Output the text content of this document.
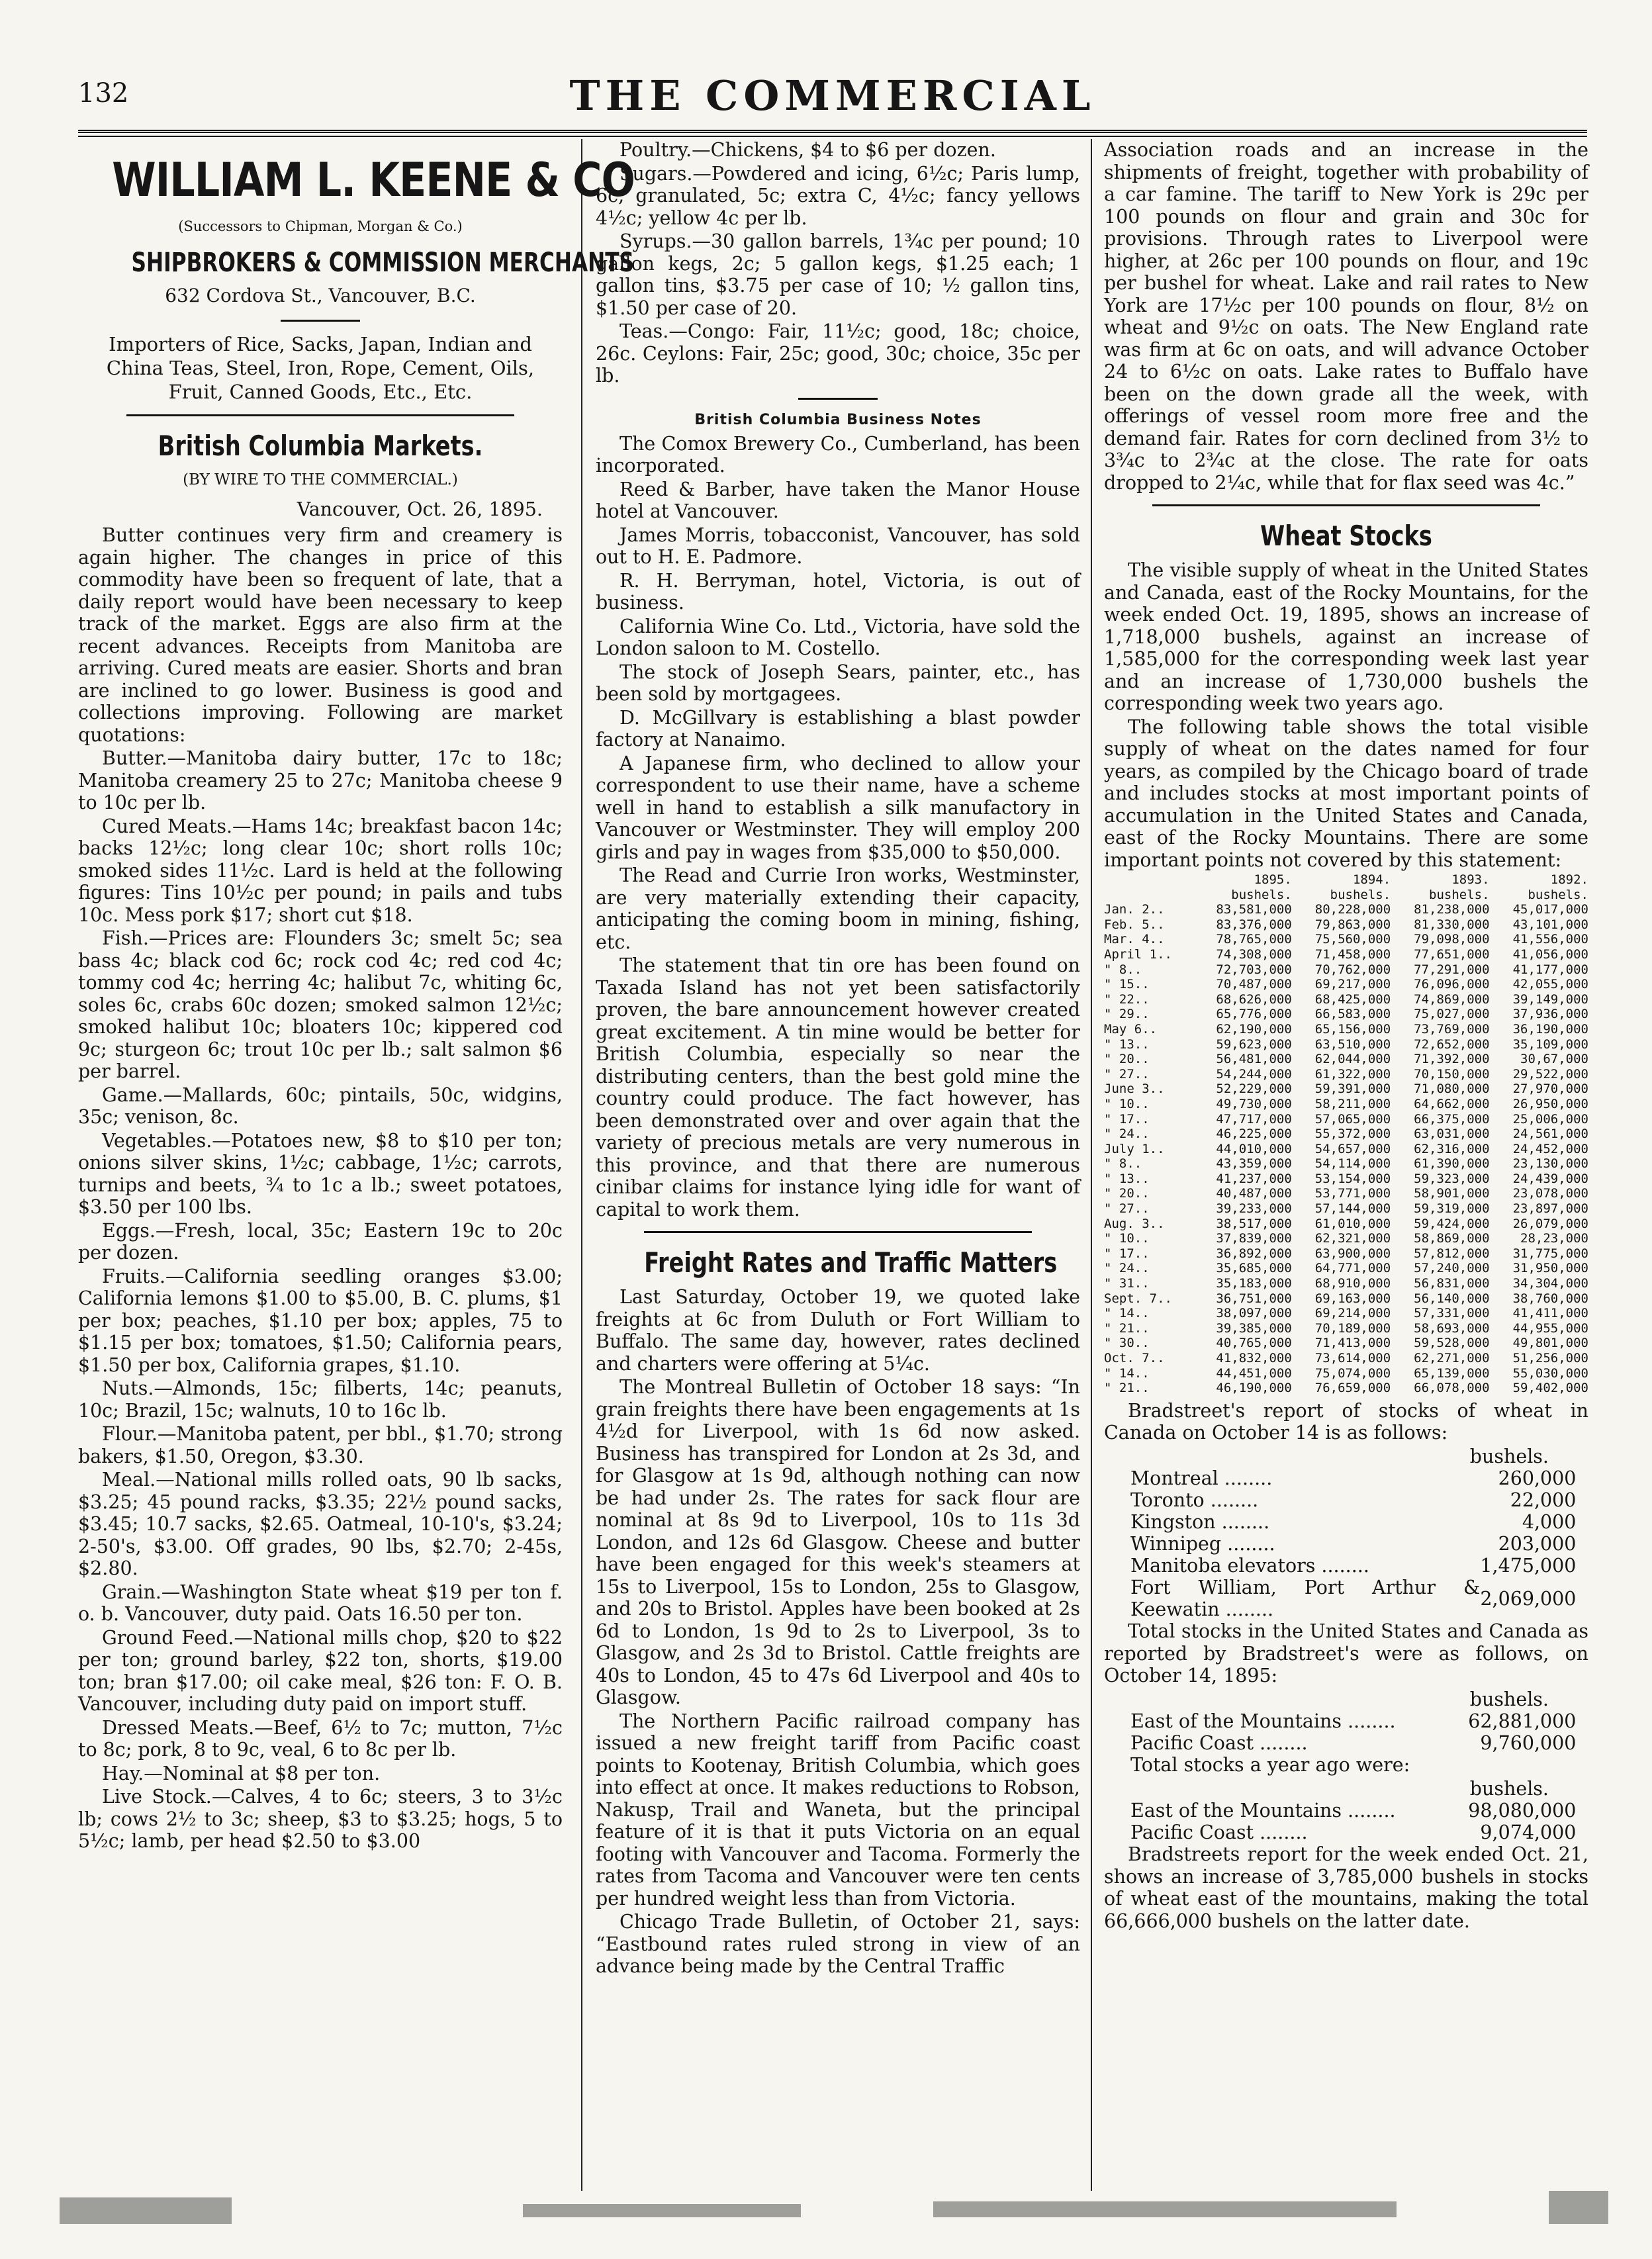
132	THE COMMERCIAL
WILLIAM L. KEENE & CO
(Successors to Chipman, Morgan & Co.)
SHIPBROKERS & COMMISSION MERCHANTS
632 Cordova St., Vancouver, B.C.
Importers of Rice, Sacks, Japan, Indian and China Teas, Steel, Iron, Rope, Cement, Oils, Fruit, Canned Goods, Etc., Etc.
British Columbia Markets.
(BY WIRE TO THE COMMERCIAL.)
Vancouver, Oct. 26, 1895.

Butter continues very firm and creamery is again higher. The changes in price of this commodity have been so frequent of late, that a daily report would have been necessary to keep track of the market. Eggs are also firm at the recent advances. Receipts from Manitoba are arriving. Cured meats are easier. Shorts and bran are inclined to go lower. Business is good and collections improving. Following are market quotations:

Butter.—Manitoba dairy butter, 17c to 18c; Manitoba creamery 25 to 27c; Manitoba cheese 9 to 10c per lb.

Cured Meats.—Hams 14c; breakfast bacon 14c; backs 12½c; long clear 10c; short rolls 10c; smoked sides 11½c. Lard is held at the following figures: Tins 10½c per pound; in pails and tubs 10c. Mess pork $17; short cut $18.

Fish.—Prices are: Flounders 3c; smelt 5c; sea bass 4c; black cod 6c; rock cod 4c; red cod 4c; tommy cod 4c; herring 4c; halibut 7c, whiting 6c, soles 6c, crabs 60c dozen; smoked salmon 12½c; smoked halibut 10c; bloaters 10c; kippered cod 9c; sturgeon 6c; trout 10c per lb.; salt salmon $6 per barrel.

Game.—Mallards, 60c; pintails, 50c, widgins, 35c; venison, 8c.

Vegetables.—Potatoes new, $8 to $10 per ton; onions silver skins, 1½c; cabbage, 1½c; carrots, turnips and beets, ¾ to 1c a lb.; sweet potatoes, $3.50 per 100 lbs.

Eggs.—Fresh, local, 35c; Eastern 19c to 20c per dozen.

Fruits.—California seedling oranges $3.00; California lemons $1.00 to $5.00, B. C. plums, $1 per box; peaches, $1.10 per box; apples, 75 to $1.15 per box; tomatoes, $1.50; California pears, $1.50 per box, California grapes, $1.10.

Nuts.—Almonds, 15c; filberts, 14c; peanuts, 10c; Brazil, 15c; walnuts, 10 to 16c lb.

Flour.—Manitoba patent, per bbl., $1.70; strong bakers, $1.50, Oregon, $3.30.

Meal.—National mills rolled oats, 90 lb sacks, $3.25; 45 pound racks, $3.35; 22½ pound sacks, $3.45; 10.7 sacks, $2.65. Oatmeal, 10-10's, $3.24; 2-50's, $3.00. Off grades, 90 lbs, $2.70; 2-45s, $2.80.

Grain.—Washington State wheat $19 per ton f. o. b. Vancouver, duty paid. Oats 16.50 per ton.

Ground Feed.—National mills chop, $20 to $22 per ton; ground barley, $22 ton, shorts, $19.00 ton; bran $17.00; oil cake meal, $26 ton: F. O. B. Vancouver, including duty paid on import stuff.

Dressed Meats.—Beef, 6½ to 7c; mutton, 7½c to 8c; pork, 8 to 9c, veal, 6 to 8c per lb.

Hay.—Nominal at $8 per ton.

Live Stock.—Calves, 4 to 6c; steers, 3 to 3½c lb; cows 2½ to 3c; sheep, $3 to $3.25; hogs, 5 to 5½c; lamb, per head $2.50 to $3.00

Poultry.—Chickens, $4 to $6 per dozen.

Sugars.—Powdered and icing, 6½c; Paris lump, 6c; granulated, 5c; extra C, 4½c; fancy yellows 4½c; yellow 4c per lb.

Syrups.—30 gallon barrels, 1¾c per pound; 10 gallon kegs, 2c; 5 gallon kegs, $1.25 each; 1 gallon tins, $3.75 per case of 10; ½ gallon tins, $1.50 per case of 20.

Teas.—Congo: Fair, 11½c; good, 18c; choice, 26c. Ceylons: Fair, 25c; good, 30c; choice, 35c per lb.

British Columbia Business Notes

The Comox Brewery Co., Cumberland, has been incorporated.

Reed & Barber, have taken the Manor House hotel at Vancouver.

James Morris, tobacconist, Vancouver, has sold out to H. E. Padmore.

R. H. Berryman, hotel, Victoria, is out of business.

California Wine Co. Ltd., Victoria, have sold the London saloon to M. Costello.

The stock of Joseph Sears, painter, etc., has been sold by mortgagees.

D. McGillvary is establishing a blast powder factory at Nanaimo.

A Japanese firm, who declined to allow your correspondent to use their name, have a scheme well in hand to establish a silk manufactory in Vancouver or Westminster. They will employ 200 girls and pay in wages from $35,000 to $50,000.

The Read and Currie Iron works, Westminster, are very materially extending their capacity, anticipating the coming boom in mining, fishing, etc.

The statement that tin ore has been found on Taxada Island has not yet been satisfactorily proven, the bare announcement however created great excitement. A tin mine would be better for British Columbia, especially so near the distributing centers, than the best gold mine the country could produce. The fact however, has been demonstrated over and over again that the variety of precious metals are very numerous in this province, and that there are numerous cinibar claims for instance lying idle for want of capital to work them.

Freight Rates and Traffic Matters

Last Saturday, October 19, we quoted lake freights at 6c from Duluth or Fort William to Buffalo. The same day, however, rates declined and charters were offering at 5¼c.

The Montreal Bulletin of October 18 says: “In grain freights there have been engagements at 1s 4½d for Liverpool, with 1s 6d now asked. Business has transpired for London at 2s 3d, and for Glasgow at 1s 9d, although nothing can now be had under 2s. The rates for sack flour are nominal at 8s 9d to Liverpool, 10s to 11s 3d London, and 12s 6d Glasgow. Cheese and butter have been engaged for this week's steamers at 15s to Liverpool, 15s to London, 25s to Glasgow, and 20s to Bristol. Apples have been booked at 2s 6d to London, 1s 9d to 2s to Liverpool, 3s to Glasgow, and 2s 3d to Bristol. Cattle freights are 40s to London, 45 to 47s 6d Liverpool and 40s to Glasgow.

The Northern Pacific railroad company has issued a new freight tariff from Pacific coast points to Kootenay, British Columbia, which goes into effect at once. It makes reductions to Robson, Nakusp, Trail and Waneta, but the principal feature of it is that it puts Victoria on an equal footing with Vancouver and Tacoma. Formerly the rates from Tacoma and Vancouver were ten cents per hundred weight less than from Victoria.

Chicago Trade Bulletin, of October 21, says: “Eastbound rates ruled strong in view of an advance being made by the Central Traffic

Association roads and an increase in the shipments of freight, together with probability of a car famine. The tariff to New York is 29c per 100 pounds on flour and grain and 30c for provisions. Through rates to Liverpool were higher, at 26c per 100 pounds on flour, and 19c per bushel for wheat. Lake and rail rates to New York are 17½c per 100 pounds on flour, 8½ on wheat and 9½c on oats. The New England rate was firm at 6c on oats, and will advance October 24 to 6½c on oats. Lake rates to Buffalo have been on the down grade all the week, with offerings of vessel room more free and the demand fair. Rates for corn declined from 3½ to 3¾c to 2¾c at the close. The rate for oats dropped to 2¼c, while that for flax seed was 4c.”

Wheat Stocks

The visible supply of wheat in the United States and Canada, east of the Rocky Mountains, for the week ended Oct. 19, 1895, shows an increase of 1,718,000 bushels, against an increase of 1,585,000 for the corresponding week last year and an increase of 1,730,000 bushels the corresponding week two years ago.

The following table shows the total visible supply of wheat on the dates named for four years, as compiled by the Chicago board of trade and includes stocks at most important points of accumulation in the United States and Canada, east of the Rocky Mountains. There are some important points not covered by this statement:

	1895.	1894.	1893.	1892.
	bushels.	bushels.	bushels.	bushels.
Jan. 2..	83,581,000	80,228,000	81,238,000	45,017,000
Feb. 5..	83,376,000	79,863,000	81,330,000	43,101,000
Mar. 4..	78,765,000	75,560,000	79,098,000	41,556,000
April 1..	74,308,000	71,458,000	77,651,000	41,056,000
" 8..	72,703,000	70,762,000	77,291,000	41,177,000
" 15..	70,487,000	69,217,000	76,096,000	42,055,000
" 22..	68,626,000	68,425,000	74,869,000	39,149,000
" 29..	65,776,000	66,583,000	75,027,000	37,936,000
May 6..	62,190,000	65,156,000	73,769,000	36,190,000
" 13..	59,623,000	63,510,000	72,652,000	35,109,000
" 20..	56,481,000	62,044,000	71,392,000	30,67,000
" 27..	54,244,000	61,322,000	70,150,000	29,522,000
June 3..	52,229,000	59,391,000	71,080,000	27,970,000
" 10..	49,730,000	58,211,000	64,662,000	26,950,000
" 17..	47,717,000	57,065,000	66,375,000	25,006,000
" 24..	46,225,000	55,372,000	63,031,000	24,561,000
July 1..	44,010,000	54,657,000	62,316,000	24,452,000
" 8..	43,359,000	54,114,000	61,390,000	23,130,000
" 13..	41,237,000	53,154,000	59,323,000	24,439,000
" 20..	40,487,000	53,771,000	58,901,000	23,078,000
" 27..	39,233,000	57,144,000	59,319,000	23,897,000
Aug. 3..	38,517,000	61,010,000	59,424,000	26,079,000
" 10..	37,839,000	62,321,000	58,869,000	28,23,000
" 17..	36,892,000	63,900,000	57,812,000	31,775,000
" 24..	35,685,000	64,771,000	57,240,000	31,950,000
" 31..	35,183,000	68,910,000	56,831,000	34,304,000
Sept. 7..	36,751,000	69,163,000	56,140,000	38,760,000
" 14..	38,097,000	69,214,000	57,331,000	41,411,000
" 21..	39,385,000	70,189,000	58,693,000	44,955,000
" 30..	40,765,000	71,413,000	59,528,000	49,801,000
Oct. 7..	41,832,000	73,614,000	62,271,000	51,256,000
" 14..	44,451,000	75,074,000	65,139,000	55,030,000
" 21..	46,190,000	76,659,000	66,078,000	59,402,000

Bradstreet's report of stocks of wheat in Canada on October 14 is as follows:

bushels.
Montreal ........	260,000
Toronto ........	22,000
Kingston ........	4,000
Winnipeg ........	203,000
Manitoba elevators ........	1,475,000
Fort William, Port Arthur & Keewatin ........	2,069,000

Total stocks in the United States and Canada as reported by Bradstreet's were as follows, on October 14, 1895:

bushels.
East of the Mountains ........	62,881,000
Pacific Coast ........	9,760,000

Total stocks a year ago were:

bushels.
East of the Mountains ........	98,080,000
Pacific Coast ........	9,074,000

Bradstreets report for the week ended Oct. 21, shows an increase of 3,785,000 bushels in stocks of wheat east of the mountains, making the total 66,666,000 bushels on the latter date.
